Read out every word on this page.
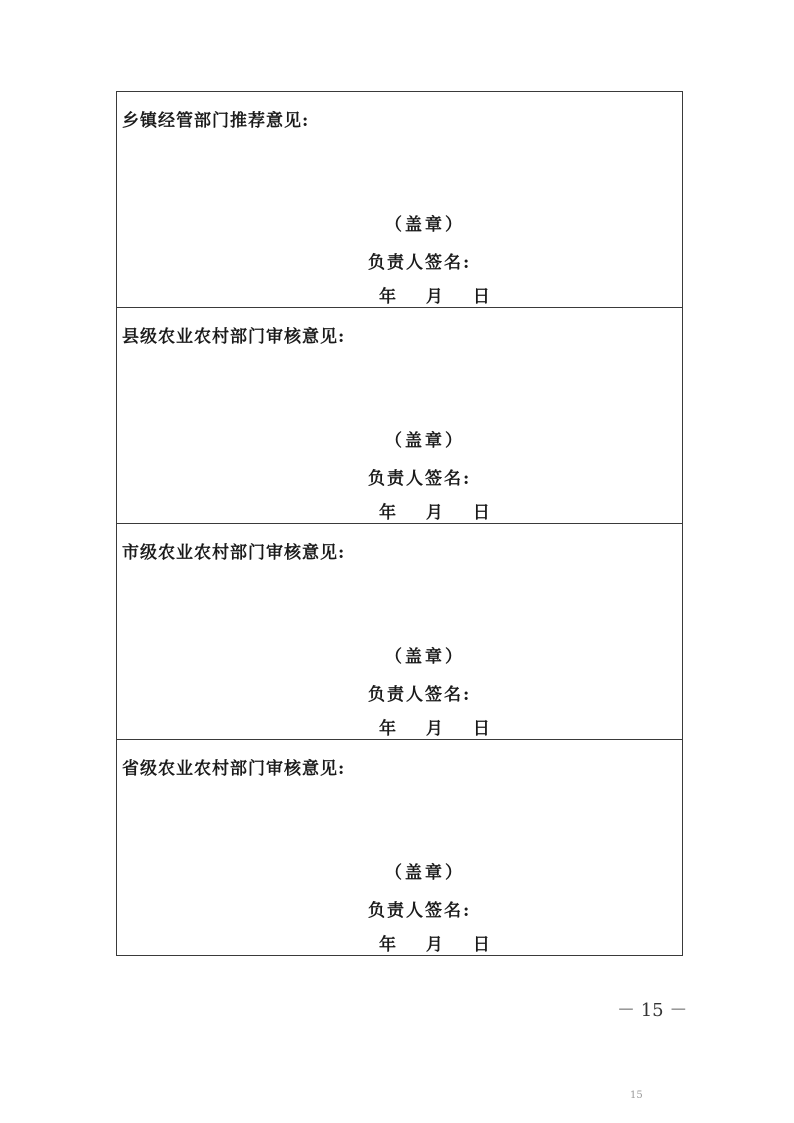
乡镇经管部门推荐意见:
（盖章）
负责人签名:
年 月 日
县级农业农村部门审核意见:
（盖章）
负责人签名:
年 月 日
市级农业农村部门审核意见:
（盖章）
负责人签名:
年 月 日
省级农业农村部门审核意见:
（盖章）
负责人签名:
年 月 日
－ 15 －
15
